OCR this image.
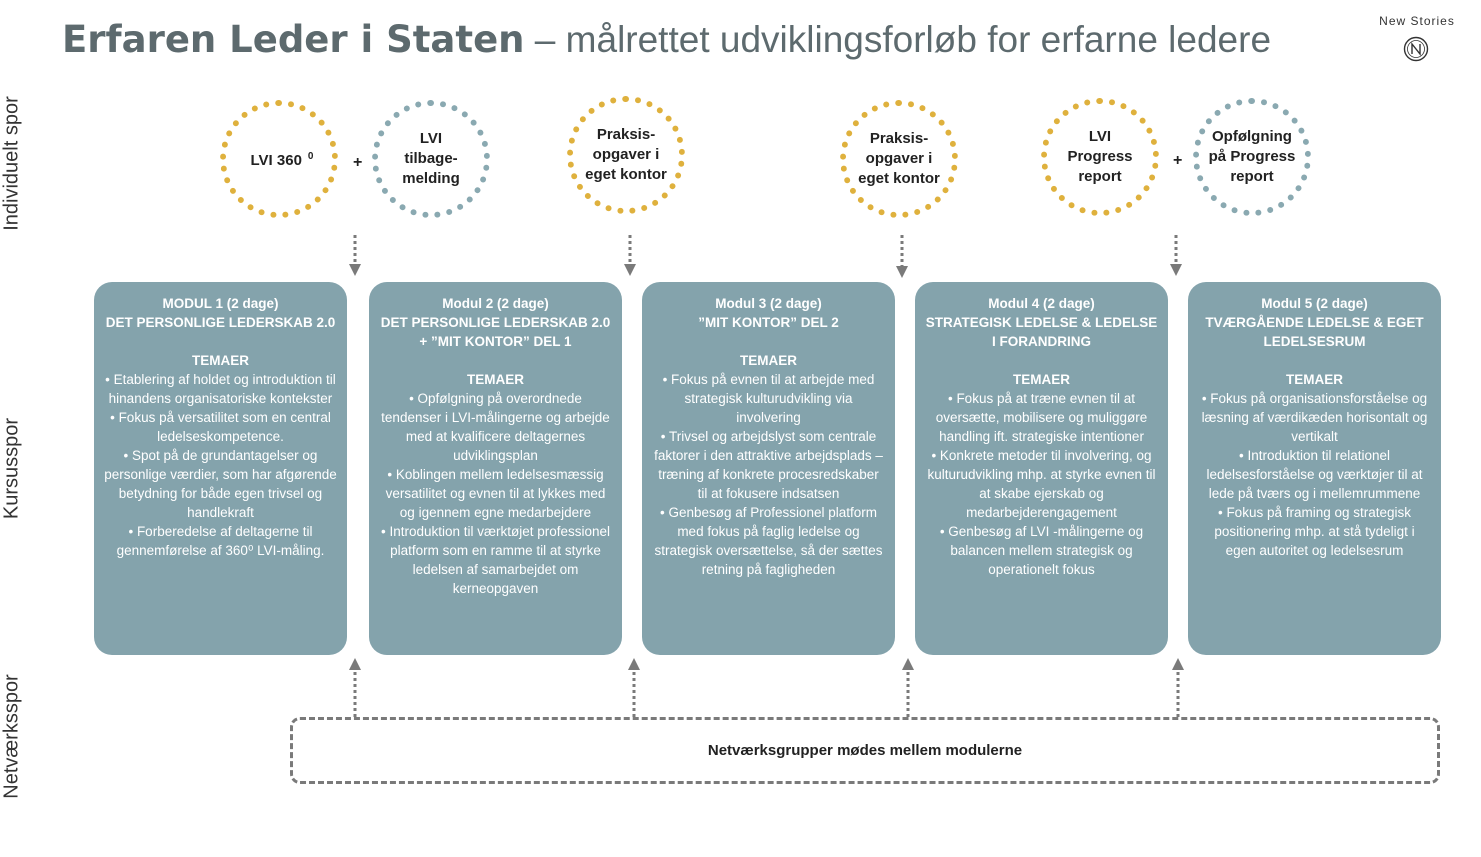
Erfaren Leder i Staten – målrettet udviklingsforløb for erfarne ledere	New Stories
Individuelt spor
Kursusspor
Netværksspor
LVI 360 $^0$	+
LVI tilbage-melding
Praksis-opgaver i eget kontor
Praksis-opgaver i eget kontor
LVI Progress report
+
Opfølgning på Progress report
MODUL 1 (2 dage)
DET PERSONLIGE LEDERSKAB 2.0
TEMAER
• Etablering af holdet og introduktion til hinandens organisatoriske kontekster
• Fokus på versatilitet som en central ledelseskompetence.
• Spot på de grundantagelser og personlige værdier, som har afgørende betydning for både egen trivsel og handlekraft
• Forberedelse af deltagerne til gennemførelse af 360⁰ LVI-måling.
Modul 2 (2 dage)
DET PERSONLIGE LEDERSKAB 2.0
+ ”MIT KONTOR” DEL 1
TEMAER
• Opfølgning på overordnede tendenser i LVI-målingerne og arbejde med at kvalificere deltagernes udviklingsplan
• Koblingen mellem ledelsesmæssig versatilitet og evnen til at lykkes med og igennem egne medarbejdere
• Introduktion til værktøjet professionel platform som en ramme til at styrke ledelsen af samarbejdet om kerneopgaven
Modul 3 (2 dage)
”MIT KONTOR” DEL 2
TEMAER
• Fokus på evnen til at arbejde med strategisk kulturudvikling via involvering
• Trivsel og arbejdslyst som centrale faktorer i den attraktive arbejdsplads – træning af konkrete procesredskaber til at fokusere indsatsen
• Genbesøg af Professionel platform med fokus på faglig ledelse og strategisk oversættelse, så der sættes retning på fagligheden
Modul 4 (2 dage)
STRATEGISK LEDELSE & LEDELSE I FORANDRING
TEMAER
• Fokus på at træne evnen til at oversætte, mobilisere og muliggøre handling ift. strategiske intentioner
• Konkrete metoder til involvering, og kulturudvikling mhp. at styrke evnen til at skabe ejerskab og medarbejderengagement
• Genbesøg af LVI -målingerne og balancen mellem strategisk og operationelt fokus
Modul 5 (2 dage)
TVÆRGÅENDE LEDELSE & EGET LEDELSESRUM
TEMAER
• Fokus på organisationsforståelse og læsning af værdikæden horisontalt og vertikalt
• Introduktion til relationel ledelsesforståelse og værktøjer til at lede på tværs og i mellemrummene
• Fokus på framing og strategisk positionering mhp. at stå tydeligt i egen autoritet og ledelsesrum
Netværksgrupper mødes mellem modulerne
